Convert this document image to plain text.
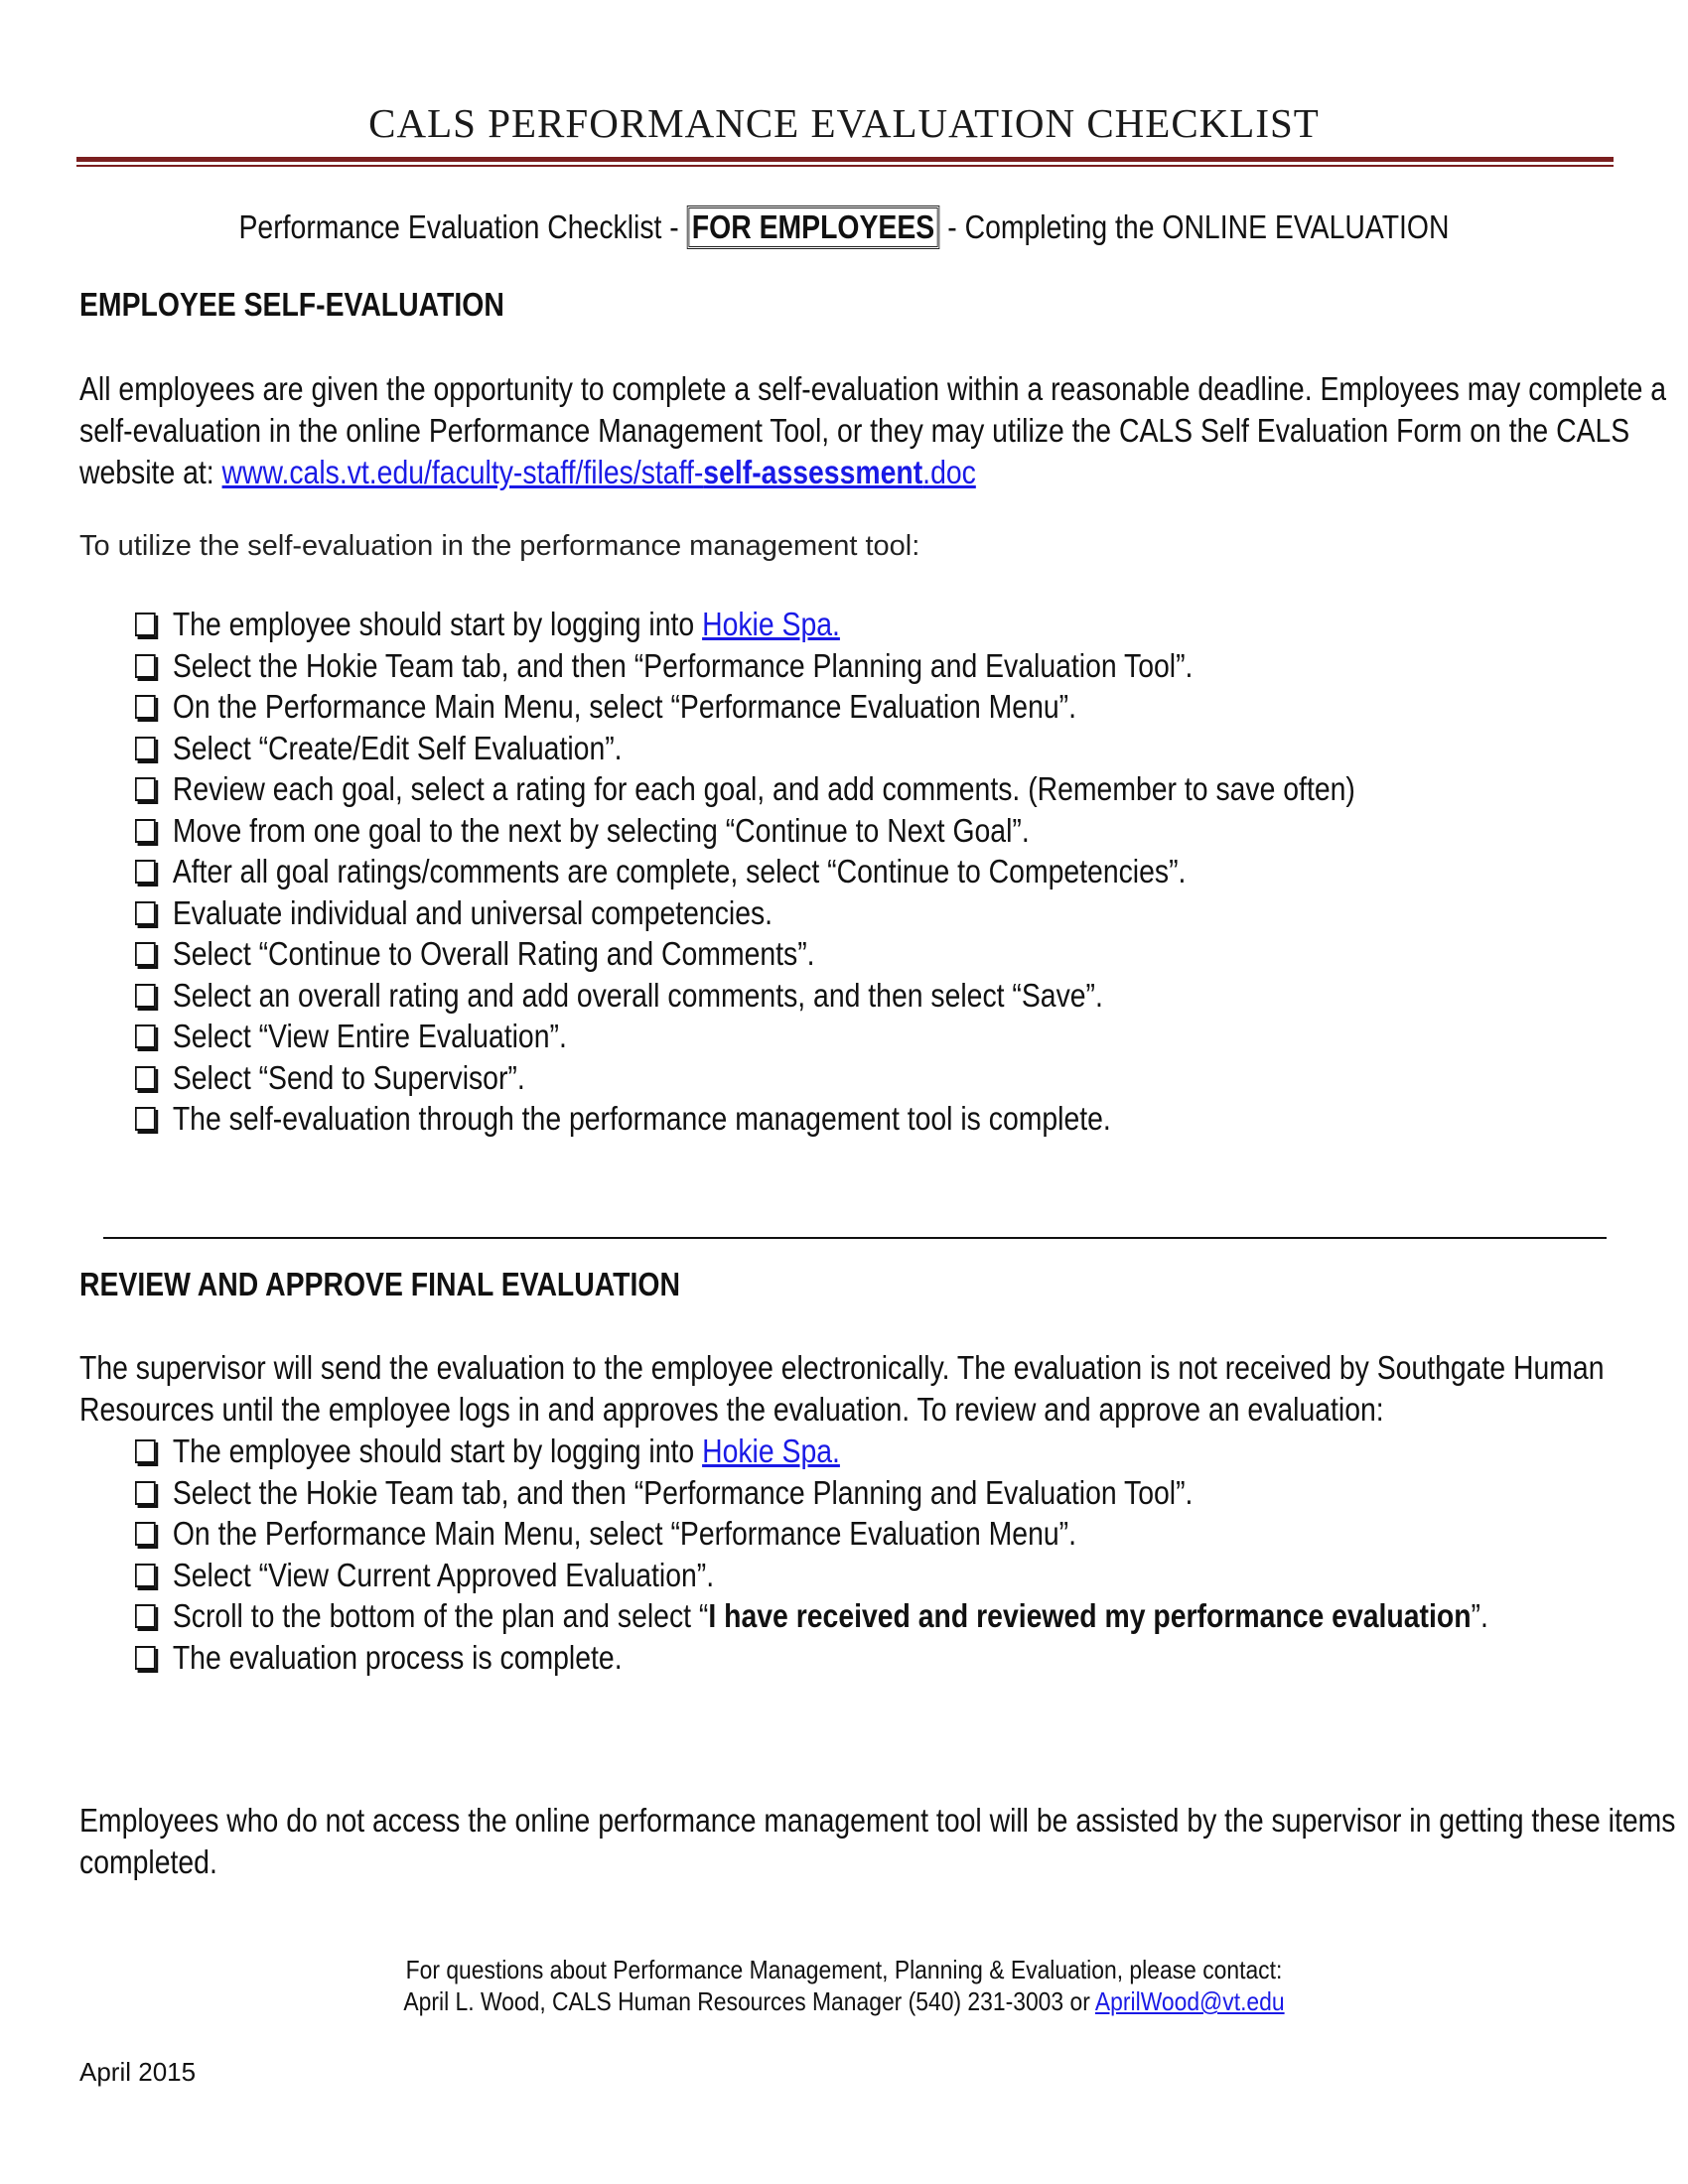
CALS PERFORMANCE EVALUATION CHECKLIST
Performance Evaluation Checklist - FOR EMPLOYEES - Completing the ONLINE EVALUATION
EMPLOYEE SELF-EVALUATION
All employees are given the opportunity to complete a self-evaluation within a reasonable deadline. Employees may complete a self-evaluation in the online Performance Management Tool, or they may utilize the CALS Self Evaluation Form on the CALS website at: www.cals.vt.edu/faculty-staff/files/staff-self-assessment.doc
To utilize the self-evaluation in the performance management tool:
The employee should start by logging into Hokie Spa.
Select the Hokie Team tab, and then “Performance Planning and Evaluation Tool”.
On the Performance Main Menu, select “Performance Evaluation Menu”.
Select “Create/Edit Self Evaluation”.
Review each goal, select a rating for each goal, and add comments. (Remember to save often)
Move from one goal to the next by selecting “Continue to Next Goal”.
After all goal ratings/comments are complete, select “Continue to Competencies”.
Evaluate individual and universal competencies.
Select “Continue to Overall Rating and Comments”.
Select an overall rating and add overall comments, and then select “Save”.
Select “View Entire Evaluation”.
Select “Send to Supervisor”.
The self-evaluation through the performance management tool is complete.
REVIEW AND APPROVE FINAL EVALUATION
The supervisor will send the evaluation to the employee electronically. The evaluation is not received by Southgate Human Resources until the employee logs in and approves the evaluation. To review and approve an evaluation:
The employee should start by logging into Hokie Spa.
Select the Hokie Team tab, and then “Performance Planning and Evaluation Tool”.
On the Performance Main Menu, select “Performance Evaluation Menu”.
Select “View Current Approved Evaluation”.
Scroll to the bottom of the plan and select “I have received and reviewed my performance evaluation”.
The evaluation process is complete.
Employees who do not access the online performance management tool will be assisted by the supervisor in getting these items completed.
For questions about Performance Management, Planning & Evaluation, please contact:
April L. Wood, CALS Human Resources Manager (540) 231-3003 or AprilWood@vt.edu
April 2015
